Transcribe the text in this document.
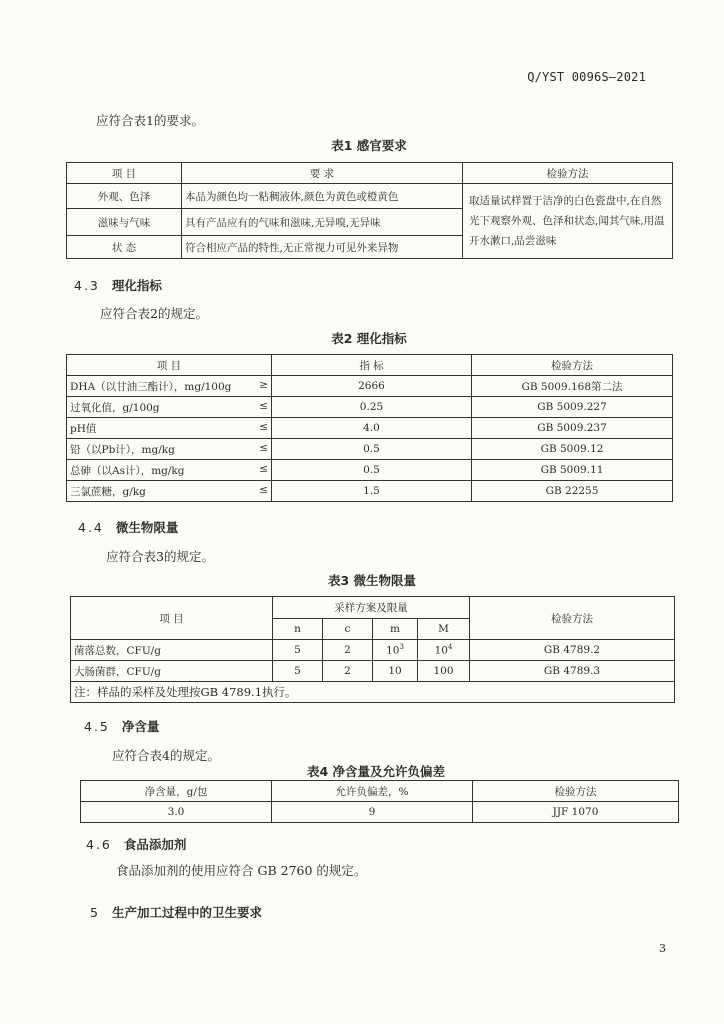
Q/YST 0096S—2021
应符合表1的要求。
表1 感官要求
项 目	要 求	检验方法
外观、色泽	本品为颜色均一粘稠液体,颜色为黄色或橙黄色	取适量试样置于洁净的白色瓷盘中,在自然光下观察外观、色泽和状态,闻其气味,用温开水漱口,品尝滋味
滋味与气味	具有产品应有的气味和滋味,无异嗅,无异味	
状 态	符合相应产品的特性,无正常视力可见外来异物	
4.3 理化指标
应符合表2的规定。
表2 理化指标
项 目	指 标	检验方法
DHA（以甘油三酯计），mg/100g ≥	2666	GB 5009.168第二法
过氧化值，g/100g ≤	0.25	GB 5009.227
pH值 ≤	4.0	GB 5009.237
铅（以Pb计），mg/kg ≤	0.5	GB 5009.12
总砷（以As计），mg/kg ≤	0.5	GB 5009.11
三氯蔗糖，g/kg ≤	1.5	GB 22255
4.4 微生物限量
应符合表3的规定。
表3 微生物限量
项 目	采样方案及限量				检验方法
	n	c	m	M	
菌落总数，CFU/g	5	2	$10^3$	$10^4$	GB 4789.2
大肠菌群，CFU/g	5	2	10	100	GB 4789.3
注：样品的采样及处理按GB 4789.1执行。					
4.5 净含量
应符合表4的规定。
表4 净含量及允许负偏差
净含量，g/包	允许负偏差，%	检验方法
3.0	9	JJF 1070
4.6 食品添加剂
食品添加剂的使用应符合 GB 2760 的规定。
5 生产加工过程中的卫生要求
3
